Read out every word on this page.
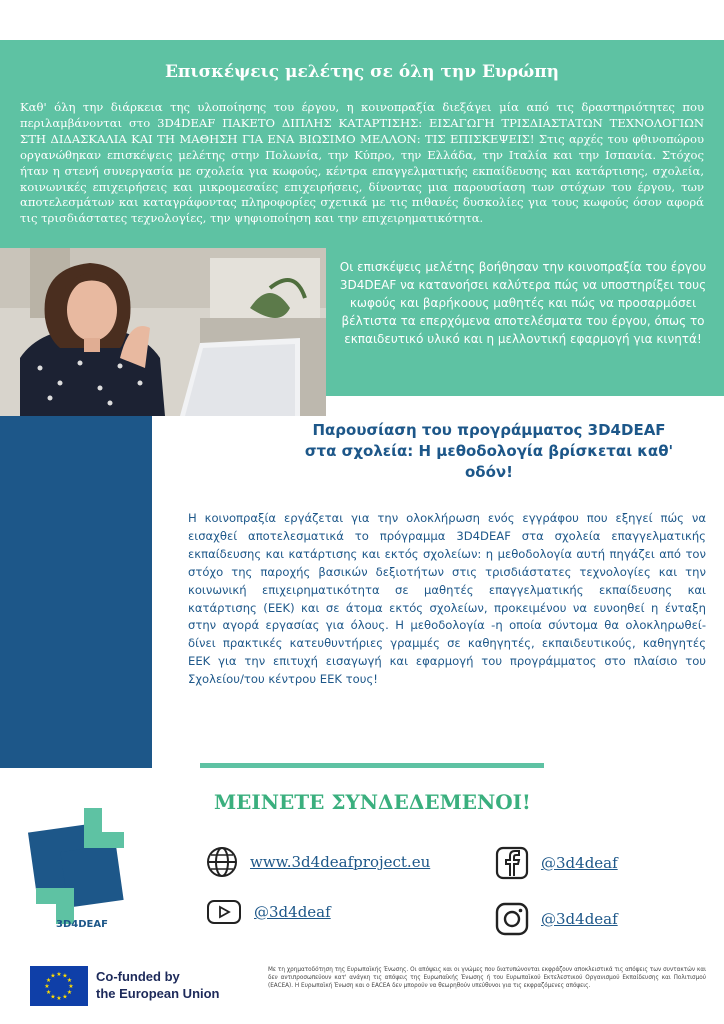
Επισκέψεις μελέτης σε όλη την Ευρώπη
Καθ' όλη την διάρκεια της υλοποίησης του έργου, η κοινοπραξία διεξάγει μία από τις δραστηριότητες που περιλαμβάνονται στο 3D4DEAF ΠΑΚΕΤΟ ΔΙΠΛΗΣ ΚΑΤΑΡΤΙΣΗΣ: ΕΙΣΑΓΩΓΗ ΤΡΙΣΔΙΑΣΤΑΤΩΝ ΤΕΧΝΟΛΟΓΙΩΝ ΣΤΗ ΔΙΔΑΣΚΑΛΙΑ ΚΑΙ ΤΗ ΜΑΘΗΣΗ ΓΙΑ ΕΝΑ ΒΙΩΣΙΜΟ ΜΕΛΛΟΝ: ΤΙΣ ΕΠΙΣΚΕΨΕΙΣ! Στις αρχές του φθινοπώρου οργανώθηκαν επισκέψεις μελέτης στην Πολωνία, την Κύπρο, την Ελλάδα, την Ιταλία και την Ισπανία. Στόχος ήταν η στενή συνεργασία με σχολεία για κωφούς, κέντρα επαγγελματικής εκπαίδευσης και κατάρτισης, σχολεία, κοινωνικές επιχειρήσεις και μικρομεσαίες επιχειρήσεις, δίνοντας μια παρουσίαση των στόχων του έργου, των αποτελεσμάτων και καταγράφοντας πληροφορίες σχετικά με τις πιθανές δυσκολίες για τους κωφούς όσον αφορά τις τρισδιάστατες τεχνολογίες, την ψηφιοποίηση και την επιχειρηματικότητα.
Οι επισκέψεις μελέτης βοήθησαν την κοινοπραξία του έργου 3D4DEAF να κατανοήσει καλύτερα πώς να υποστηρίξει τους κωφούς και βαρήκοους μαθητές και πώς να προσαρμόσει βέλτιστα τα επερχόμενα αποτελέσματα του έργου, όπως το εκπαιδευτικό υλικό και η μελλοντική εφαρμογή για κινητά!
Παρουσίαση του προγράμματος 3D4DEAF στα σχολεία: Η μεθοδολογία βρίσκεται καθ' οδόν!
Η κοινοπραξία εργάζεται για την ολοκλήρωση ενός εγγράφου που εξηγεί πώς να εισαχθεί αποτελεσματικά το πρόγραμμα 3D4DEAF στα σχολεία επαγγελματικής εκπαίδευσης και κατάρτισης και εκτός σχολείων: η μεθοδολογία αυτή πηγάζει από τον στόχο της παροχής βασικών δεξιοτήτων στις τρισδιάστατες τεχνολογίες και την κοινωνική επιχειρηματικότητα σε μαθητές επαγγελματικής εκπαίδευσης και κατάρτισης (ΕΕΚ) και σε άτομα εκτός σχολείων, προκειμένου να ευνοηθεί η ένταξη στην αγορά εργασίας για όλους. Η μεθοδολογία -η οποία σύντομα θα ολοκληρωθεί- δίνει πρακτικές κατευθυντήριες γραμμές σε καθηγητές, εκπαιδευτικούς, καθηγητές ΕΕΚ για την επιτυχή εισαγωγή και εφαρμογή του προγράμματος στο πλαίσιο του Σχολείου/του κέντρου ΕΕΚ τους!
ΜΕΙΝΕΤΕ ΣΥΝΔΕΔΕΜΕΝΟΙ!
3D4DEAF
www.3d4deafproject.eu
@3d4deaf
@3d4deaf
@3d4deaf
★ ★
★
★
★
★
★
★
★
★
★
★	Co-funded by
the European Union
Με τη χρηματοδότηση της Ευρωπαϊκής Ένωσης. Οι απόψεις και οι γνώμες που διατυπώνονται εκφράζουν αποκλειστικά τις απόψεις των συντακτών και δεν αντιπροσωπεύουν κατ' ανάγκη τις απόψεις της Ευρωπαϊκής Ένωσης ή του Ευρωπαϊκού Εκτελεστικού Οργανισμού Εκπαίδευσης και Πολιτισμού (EACEA). Η Ευρωπαϊκή Ένωση και ο EACEA δεν μπορούν να θεωρηθούν υπεύθυνοι για τις εκφραζόμενες απόψεις.
